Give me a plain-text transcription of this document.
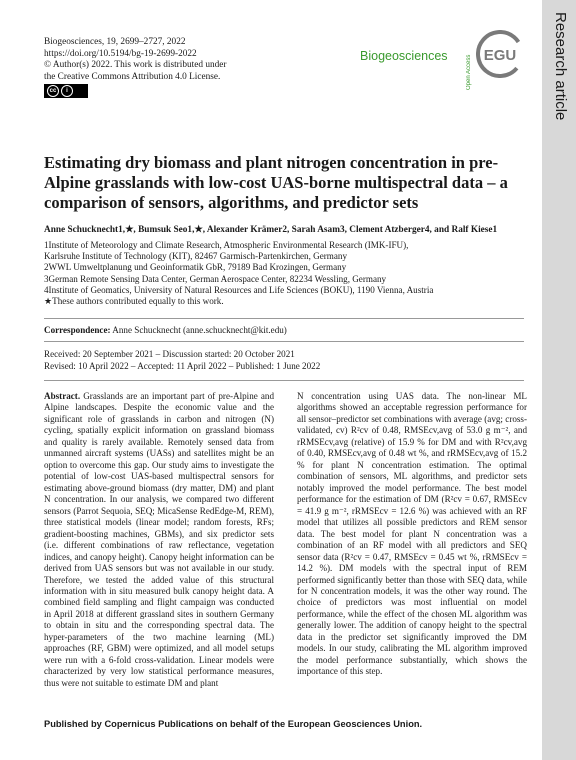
Research article
Biogeosciences, 19, 2699–2727, 2022
https://doi.org/10.5194/bg-19-2699-2022
© Author(s) 2022. This work is distributed under
the Creative Commons Attribution 4.0 License.
cc	i
Biogeosciences	Open Access EGU
Estimating dry biomass and plant nitrogen concentration in pre-Alpine grasslands with low-cost UAS-borne multispectral data – a comparison of sensors, algorithms, and predictor sets
Anne Schucknecht1,★, Bumsuk Seo1,★, Alexander Krämer2, Sarah Asam3, Clement Atzberger4, and Ralf Kiese1
1Institute of Meteorology and Climate Research, Atmospheric Environmental Research (IMK-IFU),
Karlsruhe Institute of Technology (KIT), 82467 Garmisch-Partenkirchen, Germany
2WWL Umweltplanung und Geoinformatik GbR, 79189 Bad Krozingen, Germany
3German Remote Sensing Data Center, German Aerospace Center, 82234 Wessling, Germany
4Institute of Geomatics, University of Natural Resources and Life Sciences (BOKU), 1190 Vienna, Austria
★These authors contributed equally to this work.
Correspondence: Anne Schucknecht (anne.schucknecht@kit.edu)
Received: 20 September 2021 – Discussion started: 20 October 2021
Revised: 10 April 2022 – Accepted: 11 April 2022 – Published: 1 June 2022

Abstract. Grasslands are an important part of pre-Alpine and Alpine landscapes. Despite the economic value and the significant role of grasslands in carbon and nitrogen (N) cycling, spatially explicit information on grassland biomass and quality is rarely available. Remotely sensed data from unmanned aircraft systems (UASs) and satellites might be an option to overcome this gap. Our study aims to investigate the potential of low-cost UAS-based multispectral sensors for estimating above-ground biomass (dry matter, DM) and plant N concentration. In our analysis, we compared two different sensors (Parrot Sequoia, SEQ; MicaSense RedEdge-M, REM), three statistical models (linear model; random forests, RFs; gradient-boosting machines, GBMs), and six predictor sets (i.e. different combinations of raw reflectance, vegetation indices, and canopy height). Canopy height information can be derived from UAS sensors but was not available in our study. Therefore, we tested the added value of this structural information with in situ measured bulk canopy height data. A combined field sampling and flight campaign was conducted in April 2018 at different grassland sites in southern Germany to obtain in situ and the corresponding spectral data. The hyper-parameters of the two machine learning (ML) approaches (RF, GBM) were optimized, and all model setups were run with a 6-fold cross-validation. Linear models were characterized by very low statistical performance measures, thus were not suitable to estimate DM and plant

N concentration using UAS data. The non-linear ML algorithms showed an acceptable regression performance for all sensor–predictor set combinations with average (avg; cross-validated, cv) R²cv of 0.48, RMSEcv,avg of 53.0 g m⁻², and rRMSEcv,avg (relative) of 15.9 % for DM and with R²cv,avg of 0.40, RMSEcv,avg of 0.48 wt %, and rRMSEcv,avg of 15.2 % for plant N concentration estimation. The optimal combination of sensors, ML algorithms, and predictor sets notably improved the model performance. The best model performance for the estimation of DM (R²cv = 0.67, RMSEcv = 41.9 g m⁻², rRMSEcv = 12.6 %) was achieved with an RF model that utilizes all possible predictors and REM sensor data. The best model for plant N concentration was a combination of an RF model with all predictors and SEQ sensor data (R²cv = 0.47, RMSEcv = 0.45 wt %, rRMSEcv = 14.2 %). DM models with the spectral input of REM performed significantly better than those with SEQ data, while for N concentration models, it was the other way round. The choice of predictors was most influential on model performance, while the effect of the chosen ML algorithm was generally lower. The addition of canopy height to the spectral data in the predictor set significantly improved the DM models. In our study, calibrating the ML algorithm improved the model performance substantially, which shows the importance of this step.

Published by Copernicus Publications on behalf of the European Geosciences Union.
